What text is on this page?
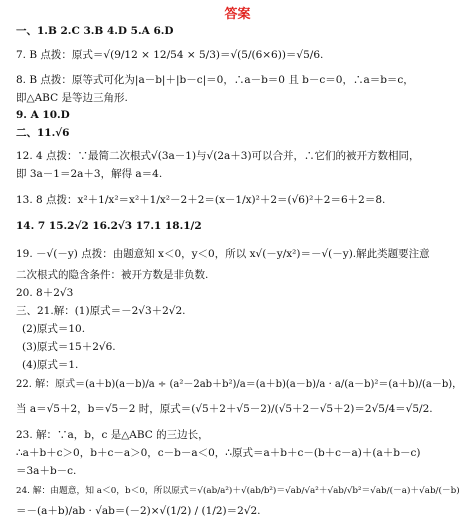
答案
一、1.B 2.C 3.B 4.D 5.A 6.D
7. B 点拨：原式＝√(9/12 × 12/54 × 5/3)＝√(5/(6×6))＝√5/6.
8. B 点拨：原等式可化为|a－b|＋|b－c|＝0，∴a－b＝0 且 b－c＝0，∴a＝b＝c，
即△ABC 是等边三角形.
9. A 10.D
二、11.√6
12. 4 点拨：∵最简二次根式√(3a－1)与√(2a＋3)可以合并，∴它们的被开方数相同，
即 3a－1＝2a＋3，解得 a＝4.
13. 8 点拨：x²＋1/x²＝x²＋1/x²－2＋2＝(x－1/x)²＋2＝(√6)²＋2＝6＋2＝8.
14. 7 15.2√2 16.2√3 17.1 18.1/2
19. －√(－y) 点拨：由题意知 x＜0，y＜0，所以 x√(－y/x²)＝－√(－y).解此类题要注意
二次根式的隐含条件：被开方数是非负数.
20. 8＋2√3
三、21.解：(1)原式＝－2√3＋2√2.
(2)原式＝10.
(3)原式＝15＋2√6.
(4)原式＝1.
22. 解：原式＝(a＋b)(a－b)/a ÷ (a²－2ab＋b²)/a＝(a＋b)(a－b)/a · a/(a－b)²＝(a＋b)/(a－b)，
当 a＝√5＋2，b＝√5－2 时，原式＝(√5＋2＋√5－2)/(√5＋2－√5＋2)＝2√5/4＝√5/2.
23. 解：∵a，b，c 是△ABC 的三边长，
∴a＋b＋c＞0，b＋c－a＞0，c－b－a＜0，∴原式＝a＋b＋c－(b＋c－a)＋(a＋b－c)
＝3a＋b－c.
24. 解：由题意，知 a＜0，b＜0，所以原式＝√(ab/a²)＋√(ab/b²)＝√ab/√a²＋√ab/√b²＝√ab/(－a)＋√ab/(－b)
＝－(a＋b)/ab · √ab＝(－2)×√(1/2) / (1/2)＝2√2.
